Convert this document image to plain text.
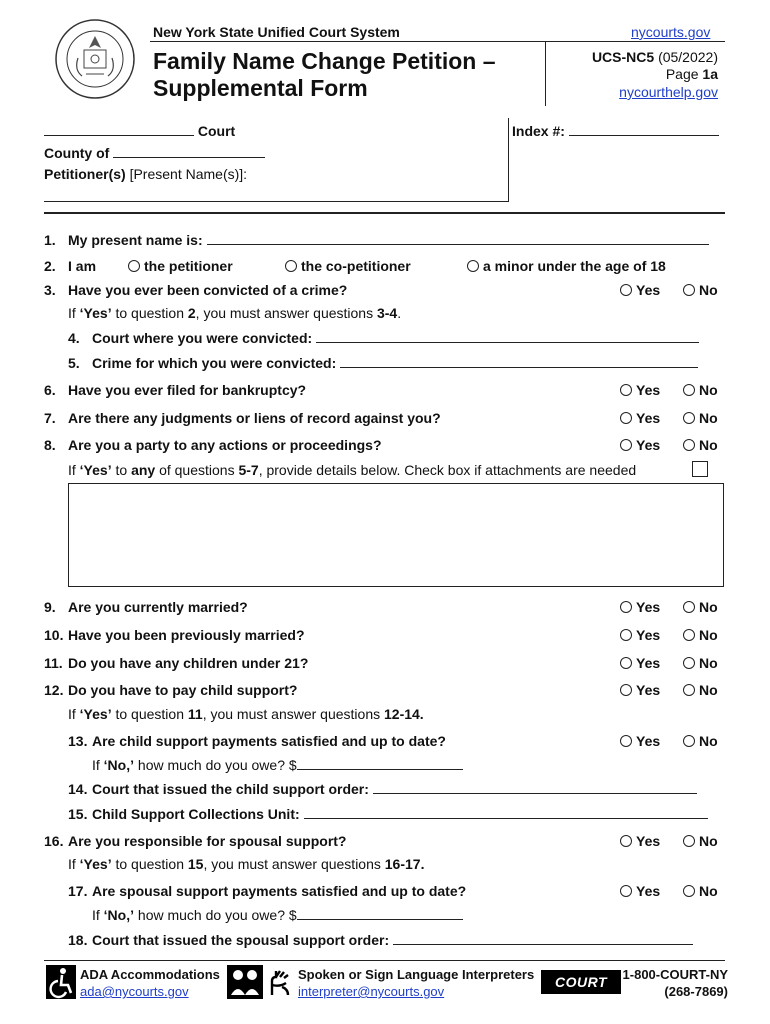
New York State Unified Court System	nycourts.gov
Family Name Change Petition –
Supplemental Form
UCS-NC5 (05/2022)
Page 1a
nycourthelp.gov
Court
County of
Petitioner(s) [Present Name(s)]:
Index #:
1. My present name is:
2. I am	the petitioner	the co-petitioner	a minor under the age of 18
3. Have you ever been convicted of a crime?	Yes	No
If ‘Yes’ to question 2, you must answer questions 3-4.
4. Court where you were convicted:
5. Crime for which you were convicted:
6. Have you ever filed for bankruptcy?	Yes	No
7. Are there any judgments or liens of record against you?	Yes	No
8. Are you a party to any actions or proceedings?	Yes	No
If ‘Yes’ to any of questions 5-7, provide details below. Check box if attachments are needed
9. Are you currently married?	Yes	No
10. Have you been previously married?	Yes	No
11. Do you have any children under 21?	Yes	No
12. Do you have to pay child support?	Yes	No
If ‘Yes’ to question 11, you must answer questions 12-14.
13. Are child support payments satisfied and up to date?	Yes	No
If ‘No,’ how much do you owe? $
14. Court that issued the child support order:
15. Child Support Collections Unit:
16. Are you responsible for spousal support?	Yes	No
If ‘Yes’ to question 15, you must answer questions 16-17.
17. Are spousal support payments satisfied and up to date?	Yes	No
If ‘No,’ how much do you owe? $
18. Court that issued the spousal support order:
ADA Accommodations
ada@nycourts.gov
Spoken or Sign Language Interpreters
interpreter@nycourts.gov
COURT Help
1-800-COURT-NY
(268-7869)
